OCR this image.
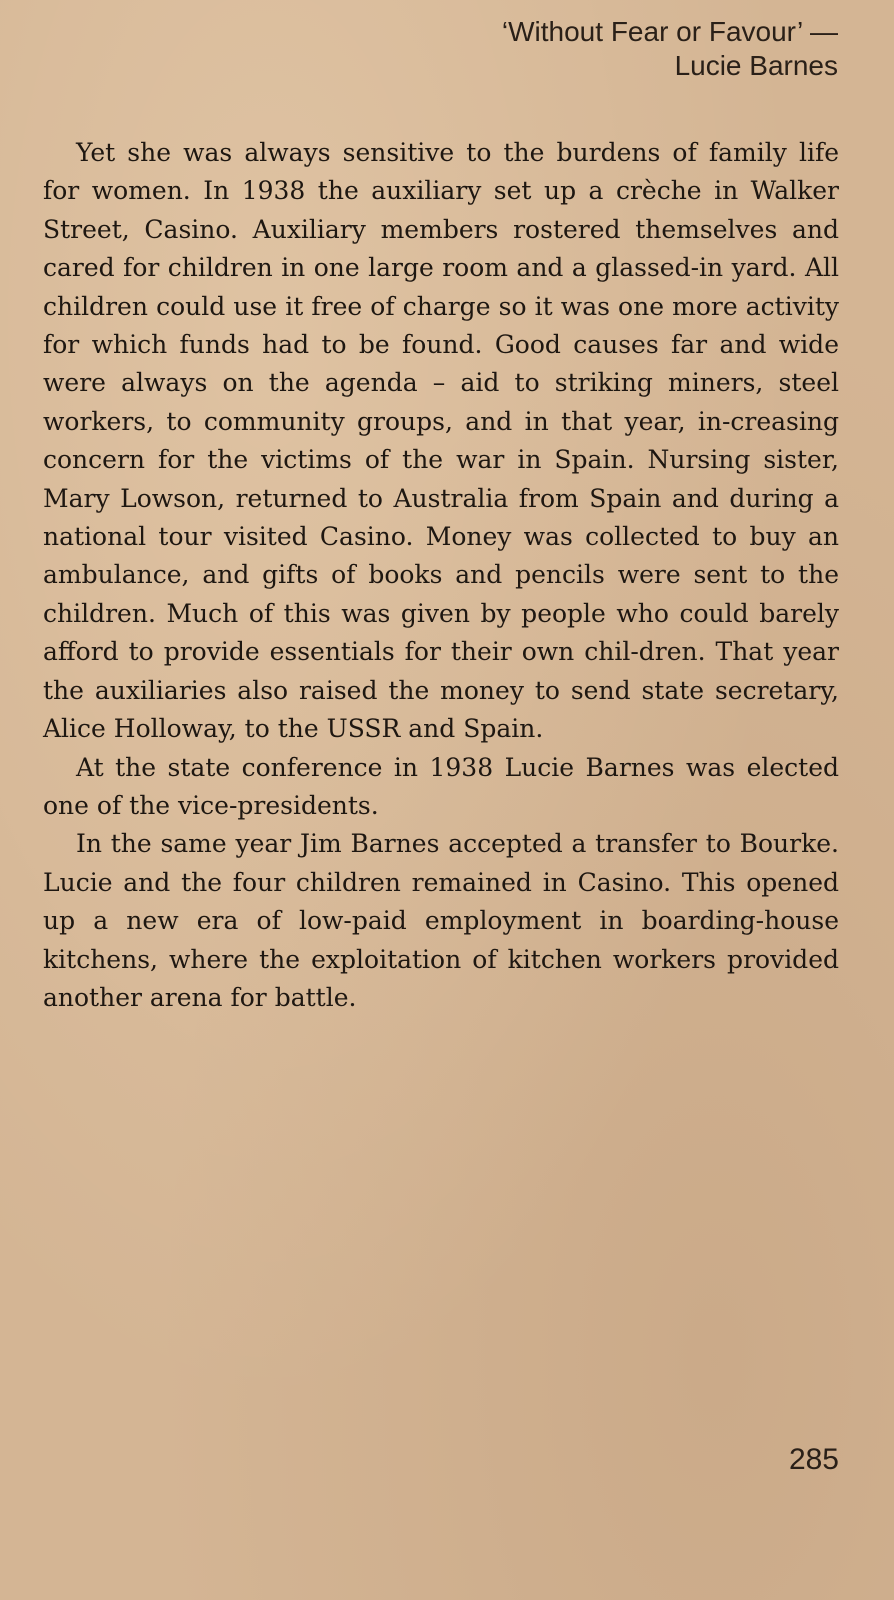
‘Without Fear or Favour’ —
Lucie Barnes

Yet she was always sensitive to the burdens of family life for women. In 1938 the auxiliary set up a crèche in Walker Street, Casino. Auxiliary members rostered themselves and cared for children in one large room and a glassed-in yard. All children could use it free of charge so it was one more activity for which funds had to be found. Good causes far and wide were always on the agenda – aid to striking miners, steel workers, to community groups, and in that year, in-creasing concern for the victims of the war in Spain. Nursing sister, Mary Lowson, returned to Australia from Spain and during a national tour visited Casino. Money was collected to buy an ambulance, and gifts of books and pencils were sent to the children. Much of this was given by people who could barely afford to provide essentials for their own chil-dren. That year the auxiliaries also raised the money to send state secretary, Alice Holloway, to the USSR and Spain.

At the state conference in 1938 Lucie Barnes was elected one of the vice-presidents.

In the same year Jim Barnes accepted a transfer to Bourke. Lucie and the four children remained in Casino. This opened up a new era of low-paid employment in boarding-house kitchens, where the exploitation of kitchen workers provided another arena for battle.

285
